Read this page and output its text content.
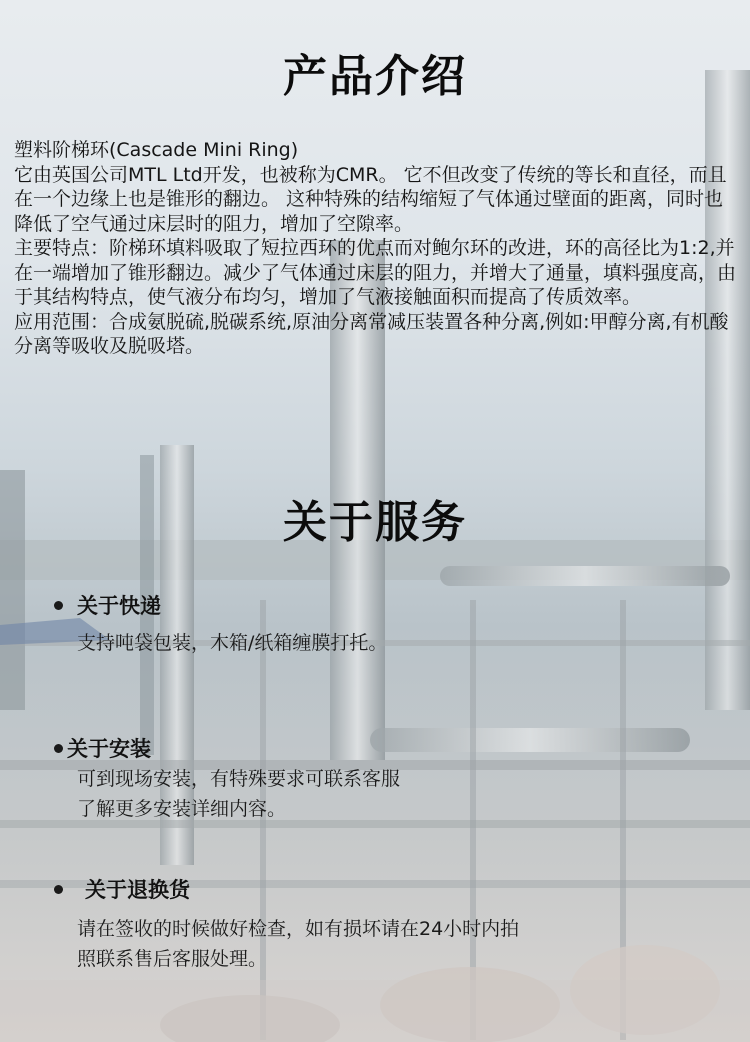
产品介绍

塑料阶梯环(Cascade Mini Ring)

它由英国公司MTL Ltd开发，也被称为CMR。 它不但改变了传统的等长和直径，而且在一个边缘上也是锥形的翻边。 这种特殊的结构缩短了气体通过壁面的距离，同时也降低了空气通过床层时的阻力，增加了空隙率。

主要特点：阶梯环填料吸取了短拉西环的优点而对鲍尔环的改进，环的高径比为1:2,并在一端增加了锥形翻边。减少了气体通过床层的阻力，并增大了通量，填料强度高，由于其结构特点，使气液分布均匀，增加了气液接触面积而提高了传质效率。

应用范围：合成氨脱硫,脱碳系统,原油分离常减压装置各种分离,例如:甲醇分离,有机酸分离等吸收及脱吸塔。

关于服务
关于快递
支持吨袋包装，木箱/纸箱缠膜打托。
关于安装
可到现场安装，有特殊要求可联系客服
了解更多安装详细内容。
关于退换货
请在签收的时候做好检查，如有损坏请在24小时内拍
照联系售后客服处理。
